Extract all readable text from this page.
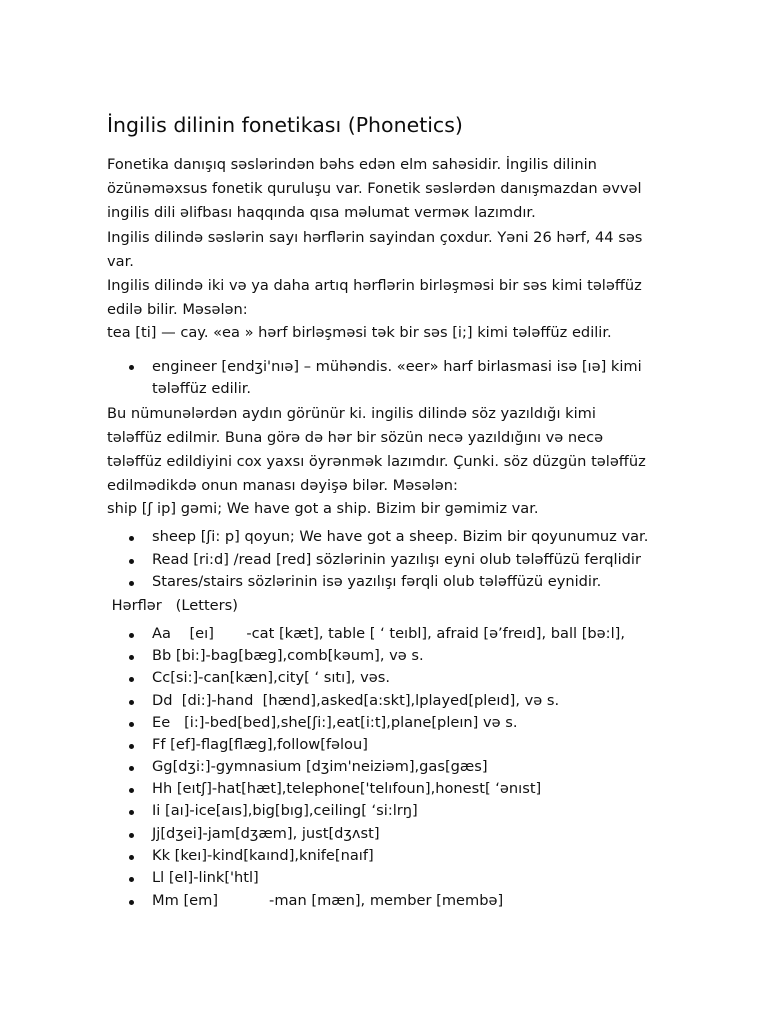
İngilis dilinin fonetikası (Phonetics)
Fonetika danışıq səslərindən bəhs edən elm sahəsidir. İngilis dilinin
özünəməxsus fonetik quruluşu var. Fonetik səslərdən danışmazdan əvvəl
ingilis dili əlifbası haqqında qısa məlumat verməк lazımdır.
Ingilis dilində səslərin sayı hərflərin sayindan çoxdur. Yəni 26 hərf, 44 səs
var.
Ingilis dilində iki və ya daha artıq hərflərin birləşməsi bir səs kimi tələffüz
edilə bilir. Məsələn:
tea [ti] — cay. «ea » hərf birləşməsi tək bir səs [i;] kimi tələffüz edilir.
engineer [endʒi'nıə] – mühəndis. «eer» harf birlasmasi isə [ıə] kimi
tələffüz edilir.
Bu nümunələrdən aydın görünür ki. ingilis dilində söz yazıldığı kimi
tələffüz edilmir. Buna görə də hər bir sözün necə yazıldığını və necə
tələffüz edildiyini cox yaxsı öyrənmək lazımdır. Çunki. söz düzgün tələffüz
edilmədikdə onun manası dəyişə bilər. Məsələn:
ship [ʃ ip] gəmi; We have got a ship. Bizim bir gəmimiz var.
sheep [ʃi: p] qoyun; We have got a sheep. Bizim bir qoyunumuz var.
Read [ri:d] /read [red] sözlərinin yazılışı eyni olub tələffüzü ferqlidir
Stares/stairs sözlərinin isə yazılışı fərqli olub tələffüzü eynidir.
Hərflər   (Letters)
Aa    [eı]       -cat [kæt], table [ ‘ teıbl], afraid [ə’freıd], ball [bə:l],
Bb [bi:]-bag[bæg],comb[kəum], və s.
Cc[si:]-can[kæn],city[ ‘ sıtı], vəs.
Dd  [di:]-hand  [hænd],asked[a:skt],lplayed[pleıd], və s.
Ee   [i:]-bed[bed],she[ʃi:],eat[i:t],plane[pleın] və s.
Ff [ef]-flag[flæg],follow[fəlou]
Gg[dʒi:]-gymnasium [dʒim'neiziəm],gas[gæs]
Hh [eıtʃ]-hat[hæt],telephone['telıfoun],honest[ ‘ənıst]
Ii [aı]-ice[aıs],big[bıg],ceiling[ ‘si:lrŋ]
Jj[dʒei]-jam[dʒæm], just[dʒʌst]
Kk [keı]-kind[kaınd],knife[naıf]
Ll [el]-link['htl]
Mm [em]           -man [mæn], member [membə]
